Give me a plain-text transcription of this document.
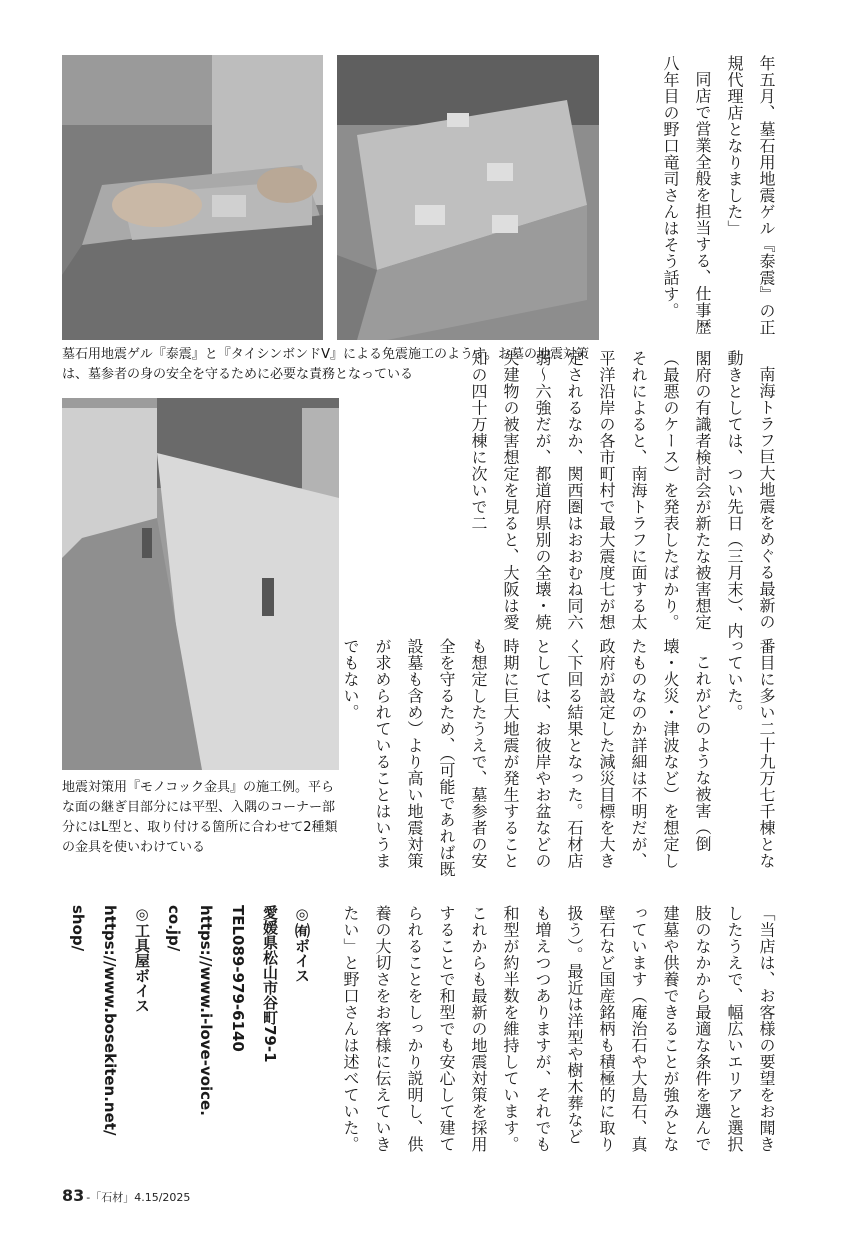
墓石用地震ゲル『泰震』と『タイシンボンドV』による免震施工のようす。お墓の地震対策は、墓参者の身の安全を守るために必要な責務となっている

地震対策用『モノコック金具』の施工例。平らな面の継ぎ目部分には平型、入隅のコーナー部分にはL型と、取り付ける箇所に合わせて2種類の金具を使いわけている

年五月、墓石用地震ゲル『泰震』の正規代理店となりました」

同店で営業全般を担当する、仕事歴八年目の野口竜司さんはそう話す。

南海トラフ巨大地震をめぐる最新の動きとしては、つい先日（三月末）、内閣府の有識者検討会が新たな被害想定（最悪のケース）を発表したばかり。それによると、南海トラフに面する太平洋沿岸の各市町村で最大震度七が想定されるなか、関西圏はおおむね同六弱〜六強だが、都道府県別の全壊・焼失建物の被害想定を見ると、大阪は愛知の四十万棟に次いで二

番目に多い二十九万七千棟となっていた。

これがどのような被害（倒壊・火災・津波など）を想定したものなのか詳細は不明だが、政府が設定した減災目標を大きく下回る結果となった。石材店としては、お彼岸やお盆などの時期に巨大地震が発生することも想定したうえで、墓参者の安全を守るため、（可能であれば既設墓も含め）より高い地震対策が求められていることはいうまでもない。

「当店は、お客様の要望をお聞きしたうえで、幅広いエリアと選択肢のなかから最適な条件を選んで建墓や供養できることが強みとなっています（庵治石や大島石、真壁石など国産銘柄も積極的に取り扱う）。最近は洋型や樹木葬なども増えつつありますが、それでも和型が約半数を維持しています。これからも最新の地震対策を採用することで和型でも安心して建てられることをしっかり説明し、供養の大切さをお客様に伝えていきたい」と野口さんは述べていた。

◎㈲ボイス
愛媛県松山市谷町79-1
TEL089-979-6140
https://www.i-love-voice.
co.jp/
◎工具屋ボイス
https://www.bosekiten.net/
shop/
83 -「石材」4.15/2025
